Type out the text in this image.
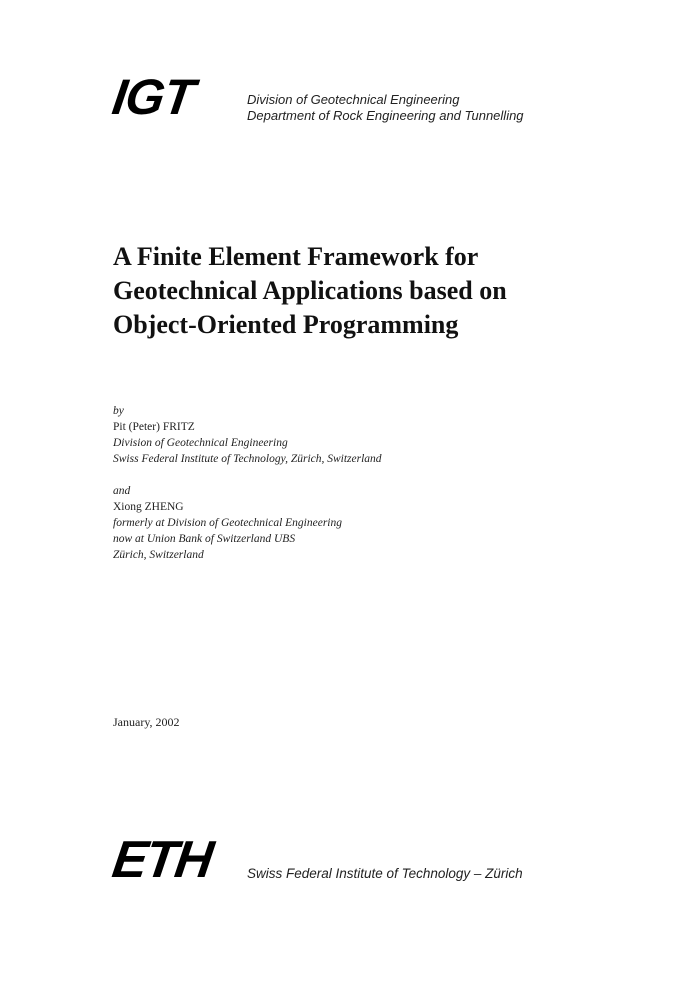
IGT	Division of Geotechnical Engineering
Department of Rock Engineering and Tunnelling
A Finite Element Framework for
Geotechnical Applications based on
Object-Oriented Programming
by
Pit (Peter) FRITZ
Division of Geotechnical Engineering
Swiss Federal Institute of Technology, Zürich, Switzerland
and
Xiong ZHENG
formerly at Division of Geotechnical Engineering
now at Union Bank of Switzerland UBS
Zürich, Switzerland
January, 2002
ETH Swiss Federal Institute of Technology – Zürich
